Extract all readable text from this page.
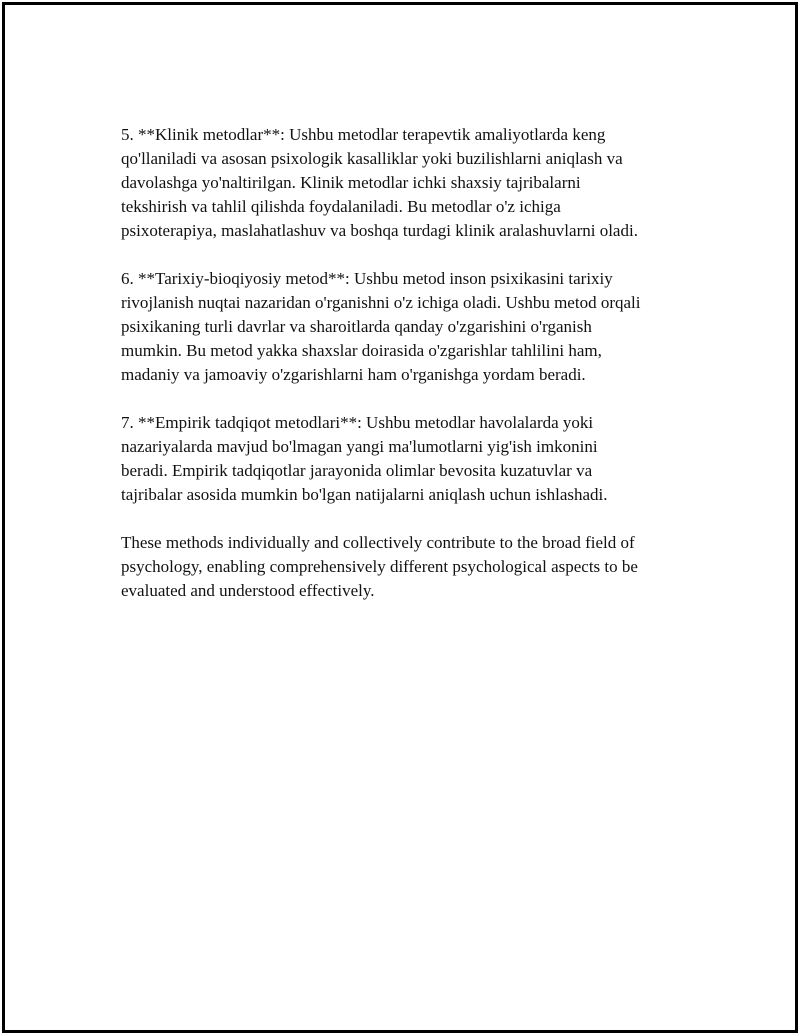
5. **Klinik metodlar**: Ushbu metodlar terapevtik amaliyotlarda keng
qo'llaniladi va asosan psixologik kasalliklar yoki buzilishlarni aniqlash va
davolashga yo'naltirilgan. Klinik metodlar ichki shaxsiy tajribalarni
tekshirish va tahlil qilishda foydalaniladi. Bu metodlar o'z ichiga
psixoterapiya, maslahatlashuv va boshqa turdagi klinik aralashuvlarni oladi.

6. **Tarixiy-bioqiyosiy metod**: Ushbu metod inson psixikasini tarixiy
rivojlanish nuqtai nazaridan o'rganishni o'z ichiga oladi. Ushbu metod orqali
psixikaning turli davrlar va sharoitlarda qanday o'zgarishini o'rganish
mumkin. Bu metod yakka shaxslar doirasida o'zgarishlar tahlilini ham,
madaniy va jamoaviy o'zgarishlarni ham o'rganishga yordam beradi.

7. **Empirik tadqiqot metodlari**: Ushbu metodlar havolalarda yoki
nazariyalarda mavjud bo'lmagan yangi ma'lumotlarni yig'ish imkonini
beradi. Empirik tadqiqotlar jarayonida olimlar bevosita kuzatuvlar va
tajribalar asosida mumkin bo'lgan natijalarni aniqlash uchun ishlashadi.

These methods individually and collectively contribute to the broad field of
psychology, enabling comprehensively different psychological aspects to be
evaluated and understood effectively.
